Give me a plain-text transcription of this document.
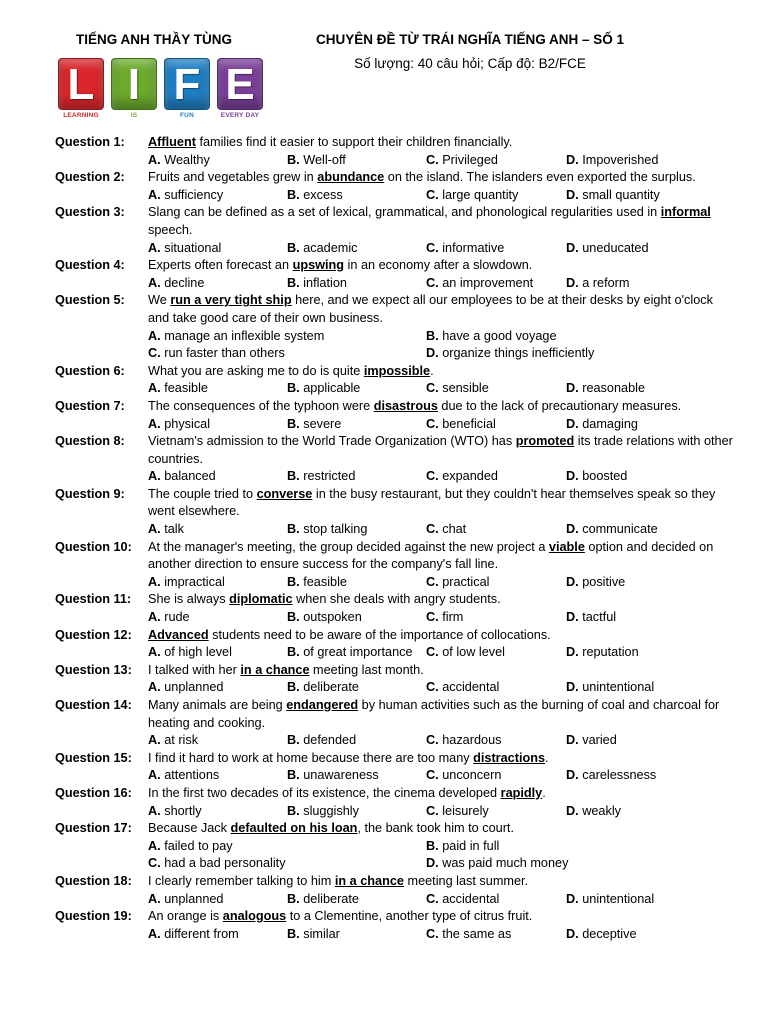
TIẾNG ANH THẦY TÙNG	CHUYÊN ĐỀ TỪ TRÁI NGHĨA TIẾNG ANH – SỐ 1
Số lượng: 40 câu hỏi; Cấp độ: B2/FCE
L I F E
LEARNING	IS	FUN	EVERY DAY
Question 1: Affluent families find it easier to support their children financially.
A. Wealthy	B. Well-off	C. Privileged	D. Impoverished
Question 2: Fruits and vegetables grew in abundance on the island. The islanders even exported the surplus.
A. sufficiency	B. excess	C. large quantity	D. small quantity
Question 3: Slang can be defined as a set of lexical, grammatical, and phonological regularities used in informal speech.
A. situational	B. academic	C. informative	D. uneducated
Question 4: Experts often forecast an upswing in an economy after a slowdown.
A. decline	B. inflation	C. an improvement	D. a reform
Question 5: We run a very tight ship here, and we expect all our employees to be at their desks by eight o'clock and take good care of their own business.
A. manage an inflexible system	B. have a good voyage
C. run faster than others	D. organize things inefficiently
Question 6: What you are asking me to do is quite impossible.
A. feasible	B. applicable	C. sensible	D. reasonable
Question 7: The consequences of the typhoon were disastrous due to the lack of precautionary measures.
A. physical	B. severe	C. beneficial	D. damaging
Question 8: Vietnam's admission to the World Trade Organization (WTO) has promoted its trade relations with other countries.
A. balanced	B. restricted	C. expanded	D. boosted
Question 9: The couple tried to converse in the busy restaurant, but they couldn't hear themselves speak so they went elsewhere.
A. talk	B. stop talking	C. chat	D. communicate
Question 10: At the manager's meeting, the group decided against the new project a viable option and decided on another direction to ensure success for the company's fall line.
A. impractical	B. feasible	C. practical	D. positive
Question 11: She is always diplomatic when she deals with angry students.
A. rude	B. outspoken	C. firm	D. tactful
Question 12: Advanced students need to be aware of the importance of collocations.
A. of high level	B. of great importance C. of low level	D. reputation
Question 13: I talked with her in a chance meeting last month.
A. unplanned	B. deliberate	C. accidental	D. unintentional
Question 14: Many animals are being endangered by human activities such as the burning of coal and charcoal for heating and cooking.
A. at risk	B. defended	C. hazardous	D. varied
Question 15: I find it hard to work at home because there are too many distractions.
A. attentions	B. unawareness	C. unconcern	D. carelessness
Question 16: In the first two decades of its existence, the cinema developed rapidly.
A. shortly	B. sluggishly	C. leisurely	D. weakly
Question 17: Because Jack defaulted on his loan, the bank took him to court.
A. failed to pay	B. paid in full
C. had a bad personality	D. was paid much money
Question 18: I clearly remember talking to him in a chance meeting last summer.
A. unplanned	B. deliberate	C. accidental	D. unintentional
Question 19: An orange is analogous to a Clementine, another type of citrus fruit.
A. different from	B. similar	C. the same as	D. deceptive
